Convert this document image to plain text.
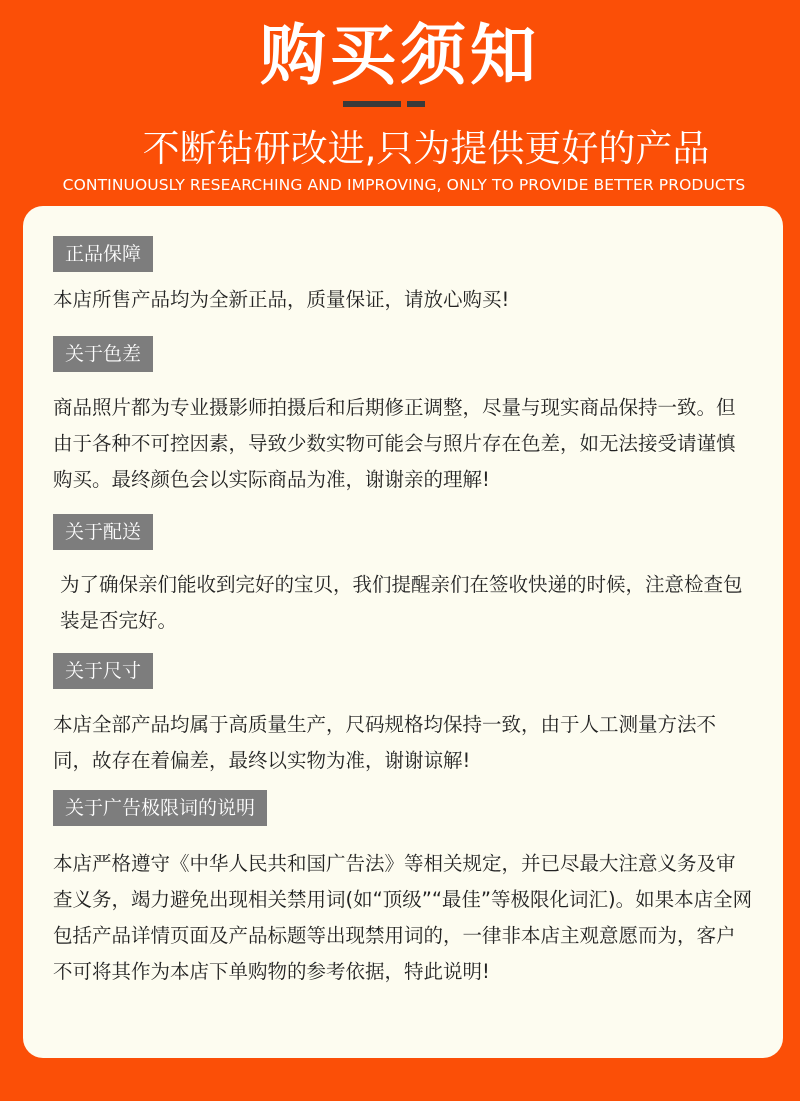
购买须知
不断钻研改进,只为提供更好的产品
CONTINUOUSLY RESEARCHING AND IMPROVING, ONLY TO PROVIDE BETTER PRODUCTS
正品保障
本店所售产品均为全新正品，质量保证，请放心购买!
关于色差
商品照片都为专业摄影师拍摄后和后期修正调整，尽量与现实商品保持一致。但由于各种不可控因素，导致少数实物可能会与照片存在色差，如无法接受请谨慎购买。最终颜色会以实际商品为准，谢谢亲的理解!
关于配送
为了确保亲们能收到完好的宝贝，我们提醒亲们在签收快递的时候，注意检查包装是否完好。
关于尺寸
本店全部产品均属于高质量生产，尺码规格均保持一致，由于人工测量方法不同，故存在着偏差，最终以实物为准，谢谢谅解!
关于广告极限词的说明
本店严格遵守《中华人民共和国广告法》等相关规定，并已尽最大注意义务及审查义务，竭力避免出现相关禁用词(如“顶级”“最佳”等极限化词汇)。如果本店全网包括产品详情页面及产品标题等出现禁用词的，一律非本店主观意愿而为，客户不可将其作为本店下单购物的参考依据，特此说明!
